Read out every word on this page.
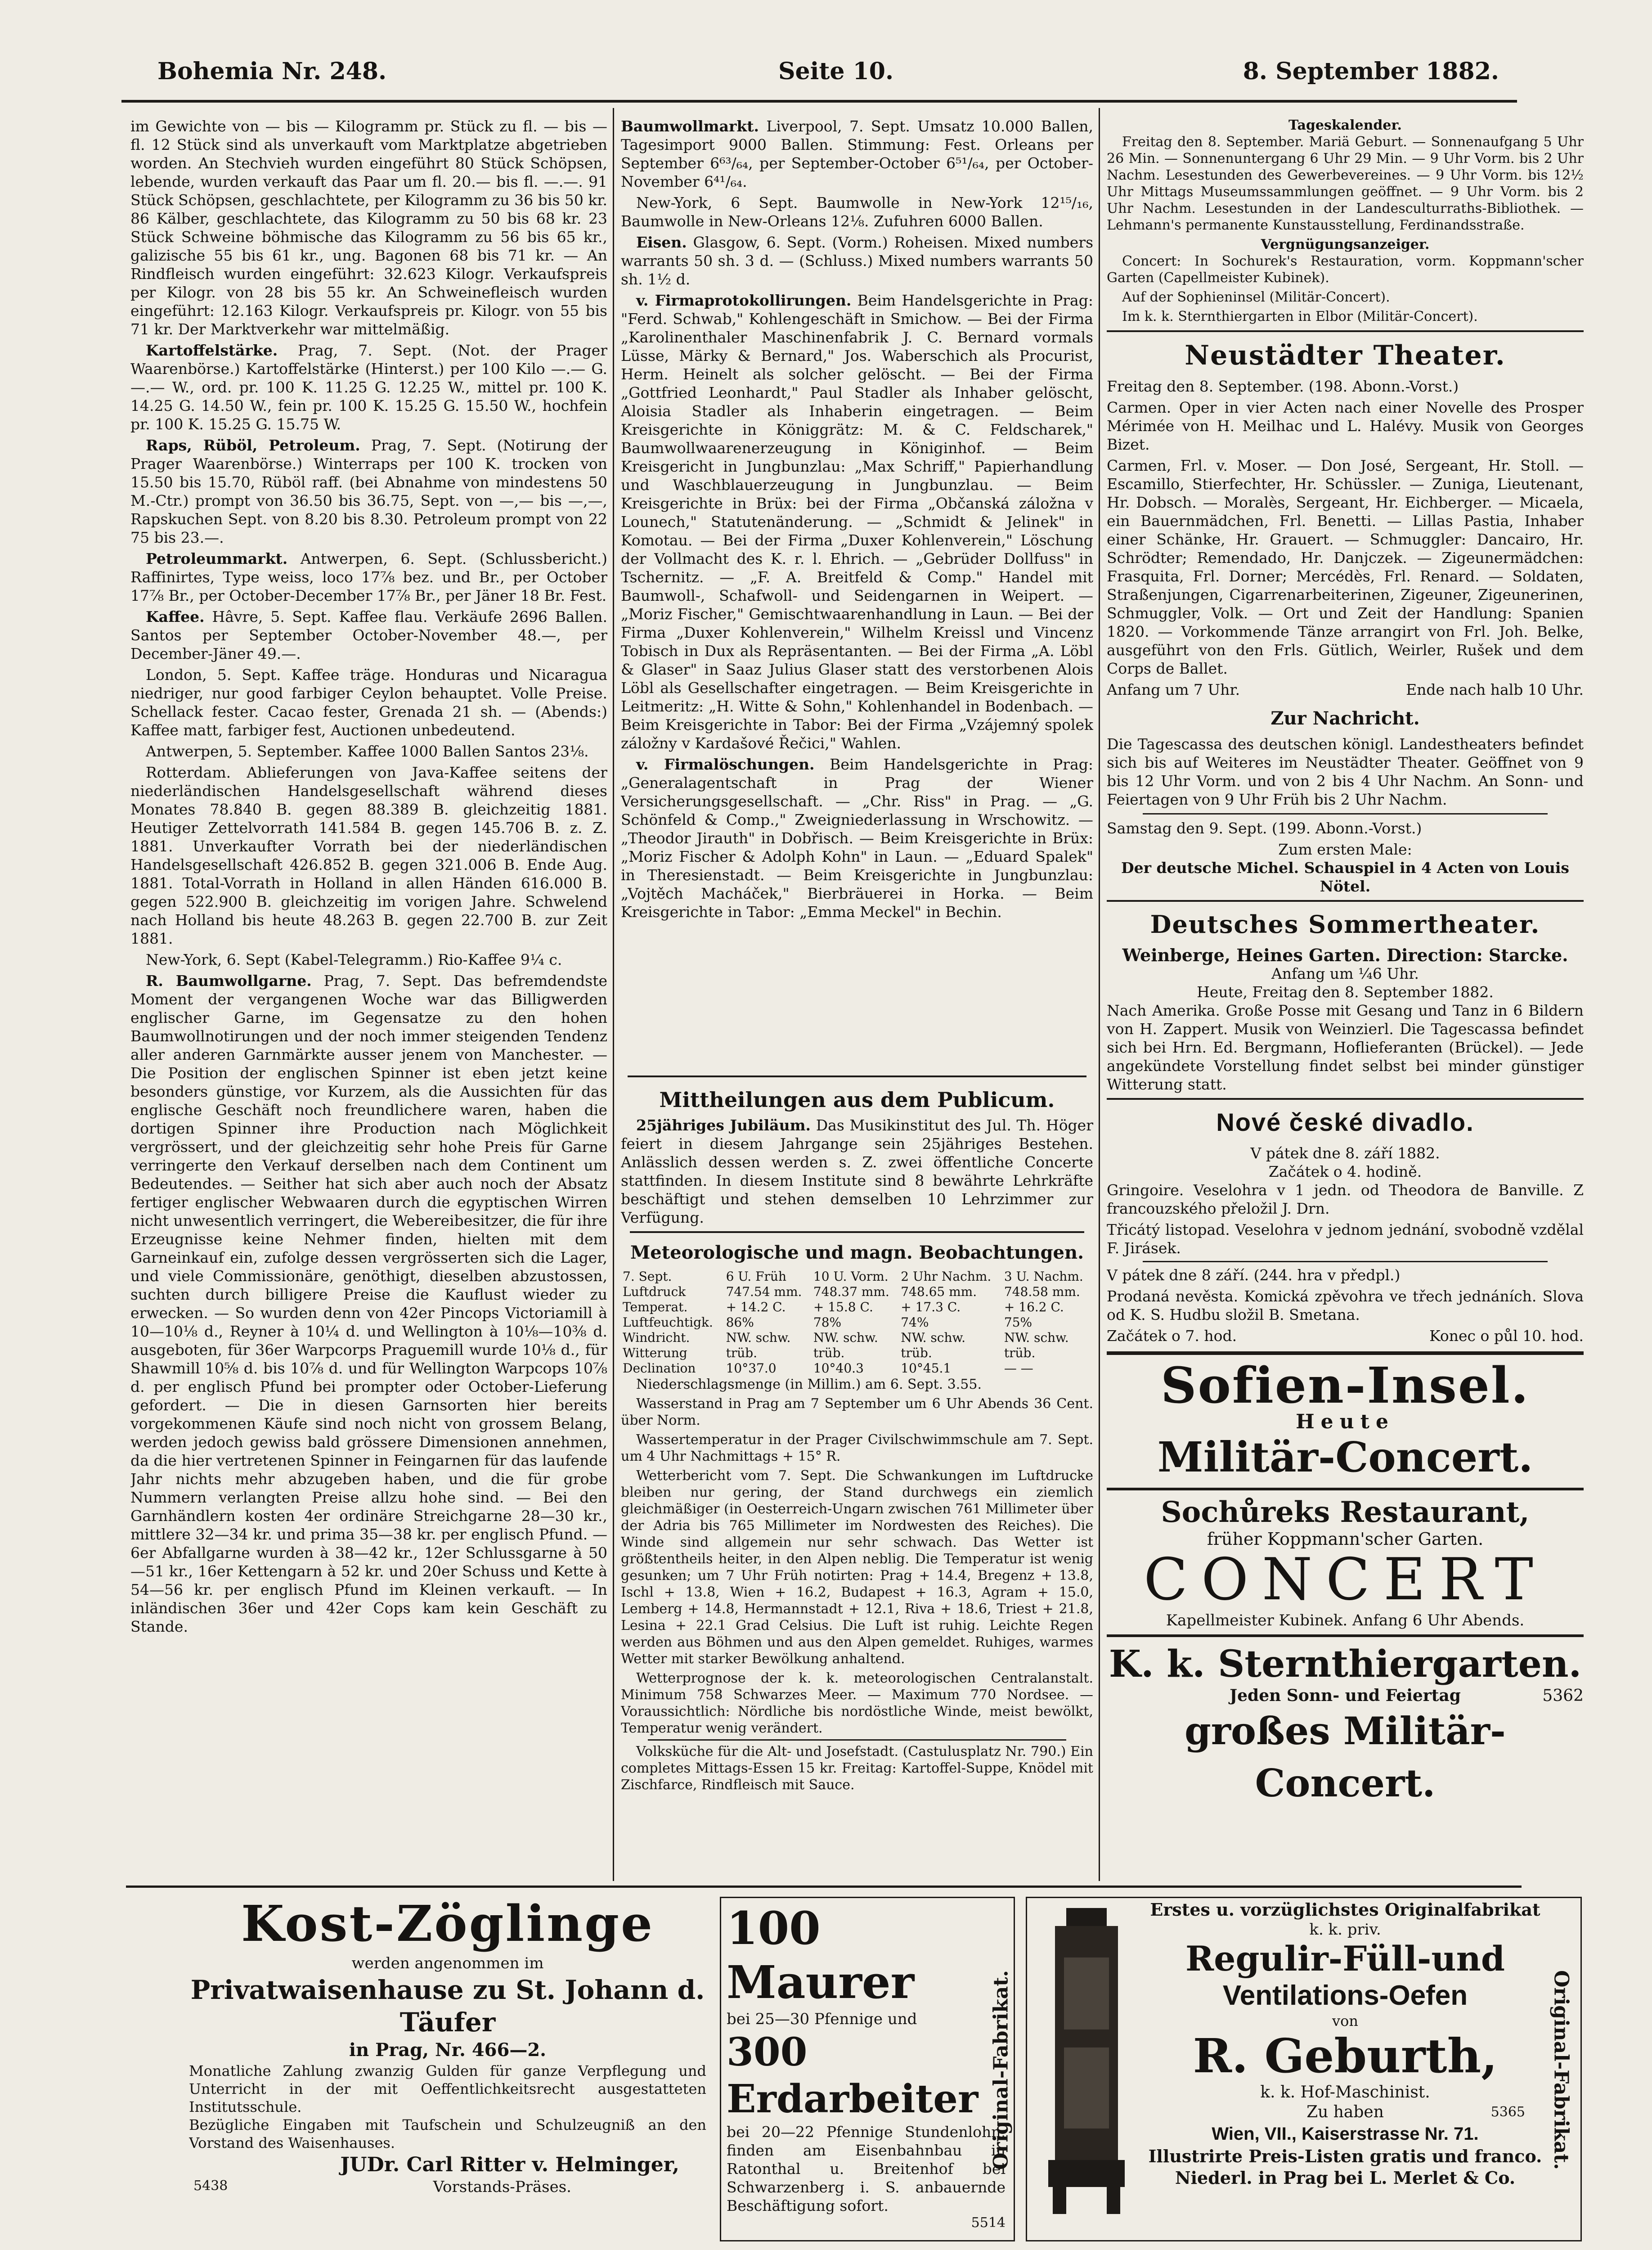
Bohemia Nr. 248.	Seite 10.	8. September 1882.

im Gewichte von — bis — Kilogramm pr. Stück zu fl. — bis — fl. 12 Stück sind als unverkauft vom Marktplatze abgetrieben worden. An Stechvieh wurden eingeführt 80 Stück Schöpsen, lebende, wurden verkauft das Paar um fl. 20.— bis fl. —.—. 91 Stück Schöpsen, geschlachtete, per Kilogramm zu 36 bis 50 kr. 86 Kälber, geschlachtete, das Kilogramm zu 50 bis 68 kr. 23 Stück Schweine böhmische das Kilogramm zu 56 bis 65 kr., galizische 55 bis 61 kr., ung. Bagonen 68 bis 71 kr. — An Rindfleisch wurden eingeführt: 32.623 Kilogr. Verkaufspreis per Kilogr. von 28 bis 55 kr. An Schweinefleisch wurden eingeführt: 12.163 Kilogr. Verkaufspreis pr. Kilogr. von 55 bis 71 kr. Der Marktverkehr war mittelmäßig.

Kartoffelstärke. Prag, 7. Sept. (Not. der Prager Waarenbörse.) Kartoffelstärke (Hinterst.) per 100 Kilo —.— G. —.— W., ord. pr. 100 K. 11.25 G. 12.25 W., mittel pr. 100 K. 14.25 G. 14.50 W., fein pr. 100 K. 15.25 G. 15.50 W., hochfein pr. 100 K. 15.25 G. 15.75 W.

Raps, Rüböl, Petroleum. Prag, 7. Sept. (Notirung der Prager Waarenbörse.) Winterraps per 100 K. trocken von 15.50 bis 15.70, Rüböl raff. (bei Abnahme von mindestens 50 M.-Ctr.) prompt von 36.50 bis 36.75, Sept. von —,— bis —,—, Rapskuchen Sept. von 8.20 bis 8.30. Petroleum prompt von 22 75 bis 23.—.

Petroleummarkt. Antwerpen, 6. Sept. (Schlussbericht.) Raffinirtes, Type weiss, loco 17⅞ bez. und Br., per October 17⅞ Br., per October-December 17⅞ Br., per Jäner 18 Br. Fest.

Kaffee. Hâvre, 5. Sept. Kaffee flau. Verkäufe 2696 Ballen. Santos per September October-November 48.—, per December-Jäner 49.—.

London, 5. Sept. Kaffee träge. Honduras und Nicaragua niedriger, nur good farbiger Ceylon behauptet. Volle Preise. Schellack fester. Cacao fester, Grenada 21 sh. — (Abends:) Kaffee matt, farbiger fest, Auctionen unbedeutend.

Antwerpen, 5. September. Kaffee 1000 Ballen Santos 23⅛.

Rotterdam. Ablieferungen von Java-Kaffee seitens der niederländischen Handelsgesellschaft während dieses Monates 78.840 B. gegen 88.389 B. gleichzeitig 1881. Heutiger Zettelvorrath 141.584 B. gegen 145.706 B. z. Z. 1881. Unverkaufter Vorrath bei der niederländischen Handelsgesellschaft 426.852 B. gegen 321.006 B. Ende Aug. 1881. Total-Vorrath in Holland in allen Händen 616.000 B. gegen 522.900 B. gleichzeitig im vorigen Jahre. Schwelend nach Holland bis heute 48.263 B. gegen 22.700 B. zur Zeit 1881.

New-York, 6. Sept (Kabel-Telegramm.) Rio-Kaffee 9¼ c.

R. Baumwollgarne. Prag, 7. Sept. Das befremdendste Moment der vergangenen Woche war das Billigwerden englischer Garne, im Gegensatze zu den hohen Baumwollnotirungen und der noch immer steigenden Tendenz aller anderen Garnmärkte ausser jenem von Manchester. — Die Position der englischen Spinner ist eben jetzt keine besonders günstige, vor Kurzem, als die Aussichten für das englische Geschäft noch freundlichere waren, haben die dortigen Spinner ihre Production nach Möglichkeit vergrössert, und der gleichzeitig sehr hohe Preis für Garne verringerte den Verkauf derselben nach dem Continent um Bedeutendes. — Seither hat sich aber auch noch der Absatz fertiger englischer Webwaaren durch die egyptischen Wirren nicht unwesentlich verringert, die Webereibesitzer, die für ihre Erzeugnisse keine Nehmer finden, hielten mit dem Garneinkauf ein, zufolge dessen vergrösserten sich die Lager, und viele Commissionäre, genöthigt, dieselben abzustossen, suchten durch billigere Preise die Kauflust wieder zu erwecken. — So wurden denn von 42er Pincops Victoriamill à 10—10⅛ d., Reyner à 10¼ d. und Wellington à 10⅛—10⅜ d. ausgeboten, für 36er Warpcorps Praguemill wurde 10⅛ d., für Shawmill 10⅝ d. bis 10⅞ d. und für Wellington Warpcops 10⅞ d. per englisch Pfund bei prompter oder October-Lieferung gefordert. — Die in diesen Garnsorten hier bereits vorgekommenen Käufe sind noch nicht von grossem Belang, werden jedoch gewiss bald grössere Dimensionen annehmen, da die hier vertretenen Spinner in Feingarnen für das laufende Jahr nichts mehr abzugeben haben, und die für grobe Nummern verlangten Preise allzu hohe sind. — Bei den Garnhändlern kosten 4er ordinäre Streichgarne 28—30 kr., mittlere 32—34 kr. und prima 35—38 kr. per englisch Pfund. — 6er Abfallgarne wurden à 38—42 kr., 12er Schlussgarne à 50—51 kr., 16er Kettengarn à 52 kr. und 20er Schuss und Kette à 54—56 kr. per englisch Pfund im Kleinen verkauft. — In inländischen 36er und 42er Cops kam kein Geschäft zu Stande.

Baumwollmarkt. Liverpool, 7. Sept. Umsatz 10.000 Ballen, Tagesimport 9000 Ballen. Stimmung: Fest. Orleans per September 6⁶³/₆₄, per September-October 6⁵¹/₆₄, per October-November 6⁴¹/₆₄.

New-York, 6 Sept. Baumwolle in New-York 12¹⁵/₁₆, Baumwolle in New-Orleans 12⅛. Zufuhren 6000 Ballen.

Eisen. Glasgow, 6. Sept. (Vorm.) Roheisen. Mixed numbers warrants 50 sh. 3 d. — (Schluss.) Mixed numbers warrants 50 sh. 1½ d.

v. Firmaprotokollirungen. Beim Handelsgerichte in Prag: "Ferd. Schwab," Kohlengeschäft in Smichow. — Bei der Firma „Karolinenthaler Maschinenfabrik J. C. Bernard vormals Lüsse, Märky & Bernard," Jos. Waberschich als Procurist, Herm. Heinelt als solcher gelöscht. — Bei der Firma „Gottfried Leonhardt," Paul Stadler als Inhaber gelöscht, Aloisia Stadler als Inhaberin eingetragen. — Beim Kreisgerichte in Königgrätz: M. & C. Feldscharek," Baumwollwaarenerzeugung in Königinhof. — Beim Kreisgericht in Jungbunzlau: „Max Schriff," Papierhandlung und Waschblauerzeugung in Jungbunzlau. — Beim Kreisgerichte in Brüx: bei der Firma „Občanská záložna v Lounech," Statutenänderung. — „Schmidt & Jelinek" in Komotau. — Bei der Firma „Duxer Kohlenverein," Löschung der Vollmacht des K. r. l. Ehrich. — „Gebrüder Dollfuss" in Tschernitz. — „F. A. Breitfeld & Comp." Handel mit Baumwoll-, Schafwoll- und Seidengarnen in Weipert. — „Moriz Fischer," Gemischtwaarenhandlung in Laun. — Bei der Firma „Duxer Kohlenverein," Wilhelm Kreissl und Vincenz Tobisch in Dux als Repräsentanten. — Bei der Firma „A. Löbl & Glaser" in Saaz Julius Glaser statt des verstorbenen Alois Löbl als Gesellschafter eingetragen. — Beim Kreisgerichte in Leitmeritz: „H. Witte & Sohn," Kohlenhandel in Bodenbach. — Beim Kreisgerichte in Tabor: Bei der Firma „Vzájemný spolek záložny v Kardašové Řečici," Wahlen.

v. Firmalöschungen. Beim Handelsgerichte in Prag: „Generalagentschaft in Prag der Wiener Versicherungsgesellschaft. — „Chr. Riss" in Prag. — „G. Schönfeld & Comp.," Zweigniederlassung in Wrschowitz. — „Theodor Jirauth" in Dobřisch. — Beim Kreisgerichte in Brüx: „Moriz Fischer & Adolph Kohn" in Laun. — „Eduard Spalek" in Theresienstadt. — Beim Kreisgerichte in Jungbunzlau: „Vojtěch Macháček," Bierbräuerei in Horka. — Beim Kreisgerichte in Tabor: „Emma Meckel" in Bechin.

Mittheilungen aus dem Publicum.

25jähriges Jubiläum. Das Musikinstitut des Jul. Th. Höger feiert in diesem Jahrgange sein 25jähriges Bestehen. Anlässlich dessen werden s. Z. zwei öffentliche Concerte stattfinden. In diesem Institute sind 8 bewährte Lehrkräfte beschäftigt und stehen demselben 10 Lehrzimmer zur Verfügung.

Meteorologische und magn. Beobachtungen.
7. Sept.	6 U. Früh	10 U. Vorm.	2 Uhr Nachm.	3 U. Nachm.
Luftdruck	747.54 mm.	748.37 mm.	748.65 mm.	748.58 mm.
Temperat.	+ 14.2 C.	+ 15.8 C.	+ 17.3 C.	+ 16.2 C.
Luftfeuchtigk.	86%	78%	74%	75%
Windricht.	NW. schw.	NW. schw.	NW. schw.	NW. schw.
Witterung	trüb.	trüb.	trüb.	trüb.
Declination	10°37.0	10°40.3	10°45.1	— —

Niederschlagsmenge (in Millim.) am 6. Sept. 3.55.

Wasserstand in Prag am 7 September um 6 Uhr Abends 36 Cent. über Norm.

Wassertemperatur in der Prager Civilschwimmschule am 7. Sept. um 4 Uhr Nachmittags + 15° R.

Wetterbericht vom 7. Sept. Die Schwankungen im Luftdrucke bleiben nur gering, der Stand durchwegs ein ziemlich gleichmäßiger (in Oesterreich-Ungarn zwischen 761 Millimeter über der Adria bis 765 Millimeter im Nordwesten des Reiches). Die Winde sind allgemein nur sehr schwach. Das Wetter ist größtentheils heiter, in den Alpen neblig. Die Temperatur ist wenig gesunken; um 7 Uhr Früh notirten: Prag + 14.4, Bregenz + 13.8, Ischl + 13.8, Wien + 16.2, Budapest + 16.3, Agram + 15.0, Lemberg + 14.8, Hermannstadt + 12.1, Riva + 18.6, Triest + 21.8, Lesina + 22.1 Grad Celsius. Die Luft ist ruhig. Leichte Regen werden aus Böhmen und aus den Alpen gemeldet. Ruhiges, warmes Wetter mit starker Bewölkung anhaltend.

Wetterprognose der k. k. meteorologischen Centralanstalt. Minimum 758 Schwarzes Meer. — Maximum 770 Nordsee. — Voraussichtlich: Nördliche bis nordöstliche Winde, meist bewölkt, Temperatur wenig verändert.

Volksküche für die Alt- und Josefstadt. (Castulusplatz Nr. 790.) Ein completes Mittags-Essen 15 kr. Freitag: Kartoffel-Suppe, Knödel mit Zischfarce, Rindfleisch mit Sauce.

Tageskalender.

Freitag den 8. September. Mariä Geburt. — Sonnenaufgang 5 Uhr 26 Min. — Sonnenuntergang 6 Uhr 29 Min. — 9 Uhr Vorm. bis 2 Uhr Nachm. Lesestunden des Gewerbevereines. — 9 Uhr Vorm. bis 12½ Uhr Mittags Museumssammlungen geöffnet. — 9 Uhr Vorm. bis 2 Uhr Nachm. Lesestunden in der Landesculturraths-Bibliothek. — Lehmann's permanente Kunstausstellung, Ferdinandsstraße.

Vergnügungsanzeiger.

Concert: In Sochurek's Restauration, vorm. Koppmann'scher Garten (Capellmeister Kubinek).

Auf der Sophieninsel (Militär-Concert).

Im k. k. Sternthiergarten in Elbor (Militär-Concert).

Neustädter Theater.

Freitag den 8. September. (198. Abonn.-Vorst.)

Carmen. Oper in vier Acten nach einer Novelle des Prosper Mérimée von H. Meilhac und L. Halévy. Musik von Georges Bizet.

Carmen, Frl. v. Moser. — Don José, Sergeant, Hr. Stoll. — Escamillo, Stierfechter, Hr. Schüssler. — Zuniga, Lieutenant, Hr. Dobsch. — Moralès, Sergeant, Hr. Eichberger. — Micaela, ein Bauernmädchen, Frl. Benetti. — Lillas Pastia, Inhaber einer Schänke, Hr. Grauert. — Schmuggler: Dancairo, Hr. Schrödter; Remendado, Hr. Danjczek. — Zigeunermädchen: Frasquita, Frl. Dorner; Mercédès, Frl. Renard. — Soldaten, Straßenjungen, Cigarrenarbeiterinen, Zigeuner, Zigeunerinen, Schmuggler, Volk. — Ort und Zeit der Handlung: Spanien 1820. — Vorkommende Tänze arrangirt von Frl. Joh. Belke, ausgeführt von den Frls. Gütlich, Weirler, Rušek und dem Corps de Ballet.

Anfang um 7 Uhr.	Ende nach halb 10 Uhr.
Zur Nachricht.

Die Tagescassa des deutschen königl. Landestheaters befindet sich bis auf Weiteres im Neustädter Theater. Geöffnet von 9 bis 12 Uhr Vorm. und von 2 bis 4 Uhr Nachm. An Sonn- und Feiertagen von 9 Uhr Früh bis 2 Uhr Nachm.

Samstag den 9. Sept. (199. Abonn.-Vorst.)

Zum ersten Male:

Der deutsche Michel. Schauspiel in 4 Acten von Louis Nötel.

Deutsches Sommertheater.
Weinberge, Heines Garten. Direction: Starcke.
Anfang um ¼6 Uhr.
Heute, Freitag den 8. September 1882.

Nach Amerika. Große Posse mit Gesang und Tanz in 6 Bildern von H. Zappert. Musik von Weinzierl. Die Tagescassa befindet sich bei Hrn. Ed. Bergmann, Hoflieferanten (Brückel). — Jede angekündete Vorstellung findet selbst bei minder günstiger Witterung statt.

Nové české divadlo.
V pátek dne 8. září 1882.
Začátek o 4. hodině.

Gringoire. Veselohra v 1 jedn. od Theodora de Banville. Z francouzského přeložil J. Drn.

Třicátý listopad. Veselohra v jednom jednání, svobodně vzdělal F. Jirásek.

V pátek dne 8 září. (244. hra v předpl.)

Prodaná nevěsta. Komická zpěvohra ve třech jednáních. Slova od K. S. Hudbu složil B. Smetana.

Začátek o 7. hod.	Konec o půl 10. hod.
Sofien-Insel.
Heute
Militär-Concert.
Sochůreks Restaurant,
früher Koppmann'scher Garten.
CONCERT
Kapellmeister Kubinek. Anfang 6 Uhr Abends.
K. k. Sternthiergarten.
Jeden Sonn- und Feiertag	5362
großes Militär-Concert.
Kost-Zöglinge
werden angenommen im
Privatwaisenhause zu St. Johann d. Täufer
in Prag, Nr. 466—2.
Monatliche Zahlung zwanzig Gulden für ganze Verpflegung und Unterricht in der mit Oeffentlichkeitsrecht ausgestatteten Institutsschule.
Bezügliche Eingaben mit Taufschein und Schulzeugniß an den Vorstand des Waisenhauses.
JUDr. Carl Ritter v. Helminger,
5438	Vorstands-Präses.
100 Maurer
bei 25—30 Pfennige und
300 Erdarbeiter
bei 20—22 Pfennige Stundenlohn, finden am Eisenbahnbau in Ratonthal u. Breitenhof bei Schwarzenberg i. S. anbauernde Beschäftigung sofort.
5514
Original-Fabrikat.
Erstes u. vorzüglichstes Originalfabrikat
k. k. priv.
Regulir-Füll-und
Ventilations-Oefen
von
R. Geburth,
k. k. Hof-Maschinist.
Zu haben	5365
Wien, VII., Kaiserstrasse Nr. 71.
Illustrirte Preis-Listen gratis und franco.
Niederl. in Prag bei L. Merlet & Co.
Original-Fabrikat.
